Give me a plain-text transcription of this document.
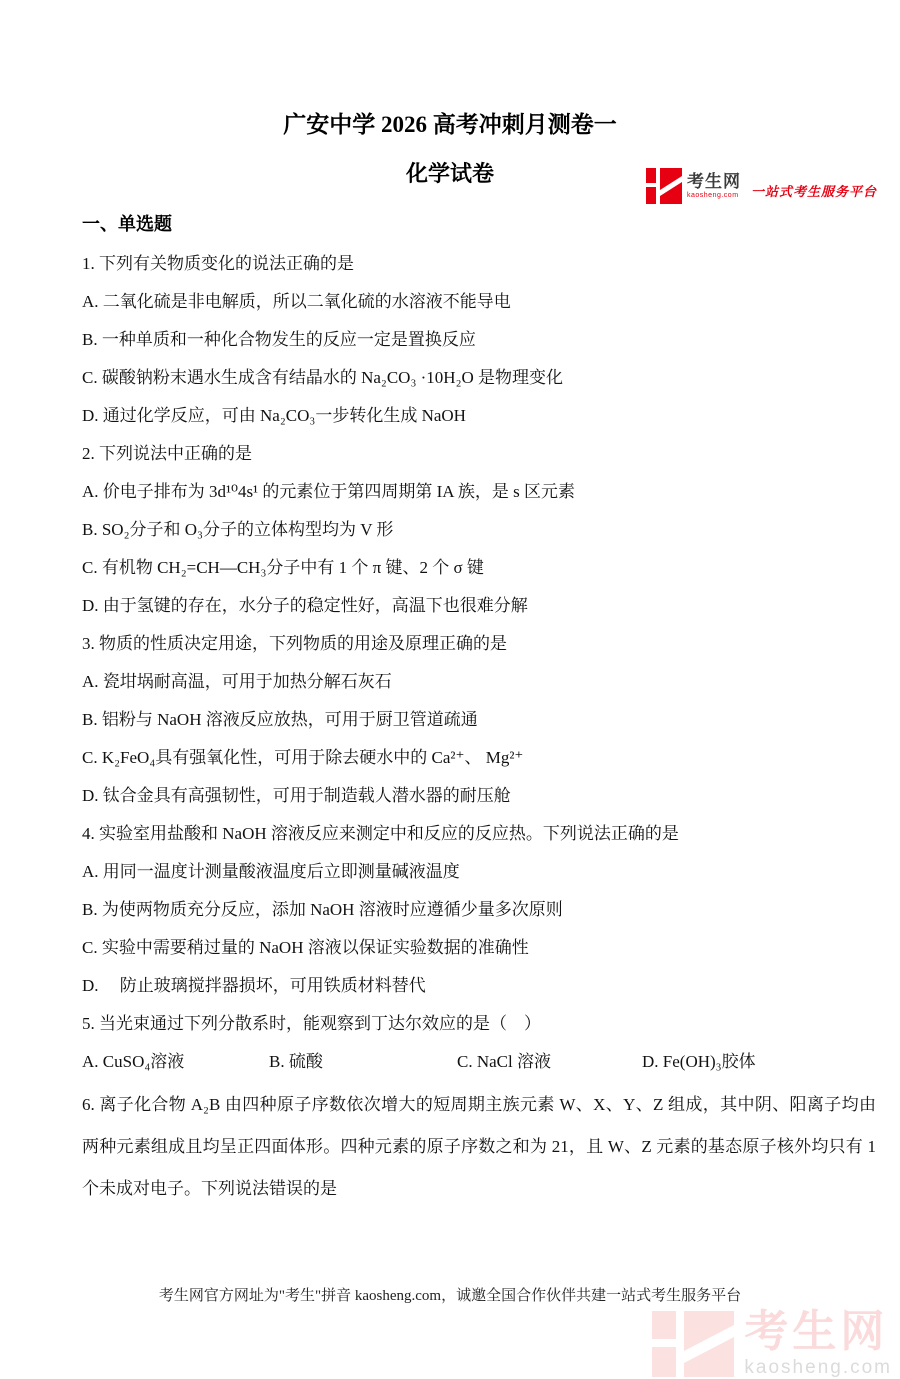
考生网
kaosheng.com 一站式考生服务平台
广安中学 2026 高考冲刺月测卷一
化学试卷
一、单选题

1. 下列有关物质变化的说法正确的是

A. 二氧化硫是非电解质，所以二氧化硫的水溶液不能导电

B. 一种单质和一种化合物发生的反应一定是置换反应

C. 碳酸钠粉末遇水生成含有结晶水的 Na₂CO₃ ·10H₂O 是物理变化

D. 通过化学反应，可由 Na₂CO₃一步转化生成 NaOH

2. 下列说法中正确的是

A. 价电子排布为 3d¹⁰4s¹ 的元素位于第四周期第 IA 族，是 s 区元素

B. SO₂分子和 O₃分子的立体构型均为 V 形

C. 有机物 CH₂=CH—CH₃分子中有 1 个 π 键、2 个 σ 键

D. 由于氢键的存在，水分子的稳定性好，高温下也很难分解

3. 物质的性质决定用途，下列物质的用途及原理正确的是

A. 瓷坩埚耐高温，可用于加热分解石灰石

B. 铝粉与 NaOH 溶液反应放热，可用于厨卫管道疏通

C. K₂FeO₄具有强氧化性，可用于除去硬水中的 Ca²⁺、 Mg²⁺

D. 钛合金具有高强韧性，可用于制造载人潜水器的耐压舱

4. 实验室用盐酸和 NaOH 溶液反应来测定中和反应的反应热。下列说法正确的是

A. 用同一温度计测量酸液温度后立即测量碱液温度

B. 为使两物质充分反应，添加 NaOH 溶液时应遵循少量多次原则

C. 实验中需要稍过量的 NaOH 溶液以保证实验数据的准确性

D.     防止玻璃搅拌器损坏，可用铁质材料替代

5. 当光束通过下列分散系时，能观察到丁达尔效应的是（　）

A. CuSO₄溶液	B. 硫酸	C. NaCl 溶液	D. Fe(OH)₃胶体

6. 离子化合物 A₂B 由四种原子序数依次增大的短周期主族元素 W、X、Y、Z 组成，其中阴、阳离子均由两种元素组成且均呈正四面体形。四种元素的原子序数之和为 21，且 W、Z 元素的基态原子核外均只有 1 个未成对电子。下列说法错误的是

考生网官方网址为"考生"拼音 kaosheng.com，诚邀全国合作伙伴共建一站式考生服务平台
考生网
kaosheng.com
